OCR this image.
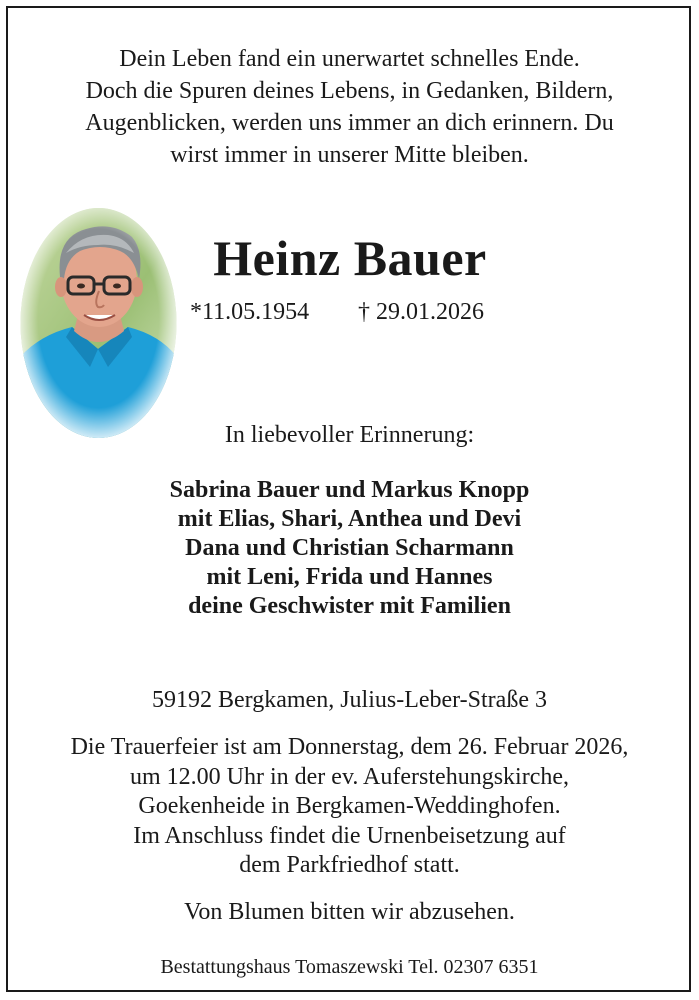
Dein Leben fand ein unerwartet schnelles Ende.
Doch die Spuren deines Lebens, in Gedanken, Bildern,
Augenblicken, werden uns immer an dich erinnern. Du
wirst immer in unserer Mitte bleiben.
Heinz Bauer
*11.05.1954 † 29.01.2026
In liebevoller Erinnerung:
Sabrina Bauer und Markus Knopp
mit Elias, Shari, Anthea und Devi
Dana und Christian Scharmann
mit Leni, Frida und Hannes
deine Geschwister mit Familien
59192 Bergkamen, Julius-Leber-Straße 3
Die Trauerfeier ist am Donnerstag, dem 26. Februar 2026,
um 12.00 Uhr in der ev. Auferstehungskirche,
Goekenheide in Bergkamen-Weddinghofen.
Im Anschluss findet die Urnenbeisetzung auf
dem Parkfriedhof statt.
Von Blumen bitten wir abzusehen.
Bestattungshaus Tomaszewski Tel. 02307 6351
